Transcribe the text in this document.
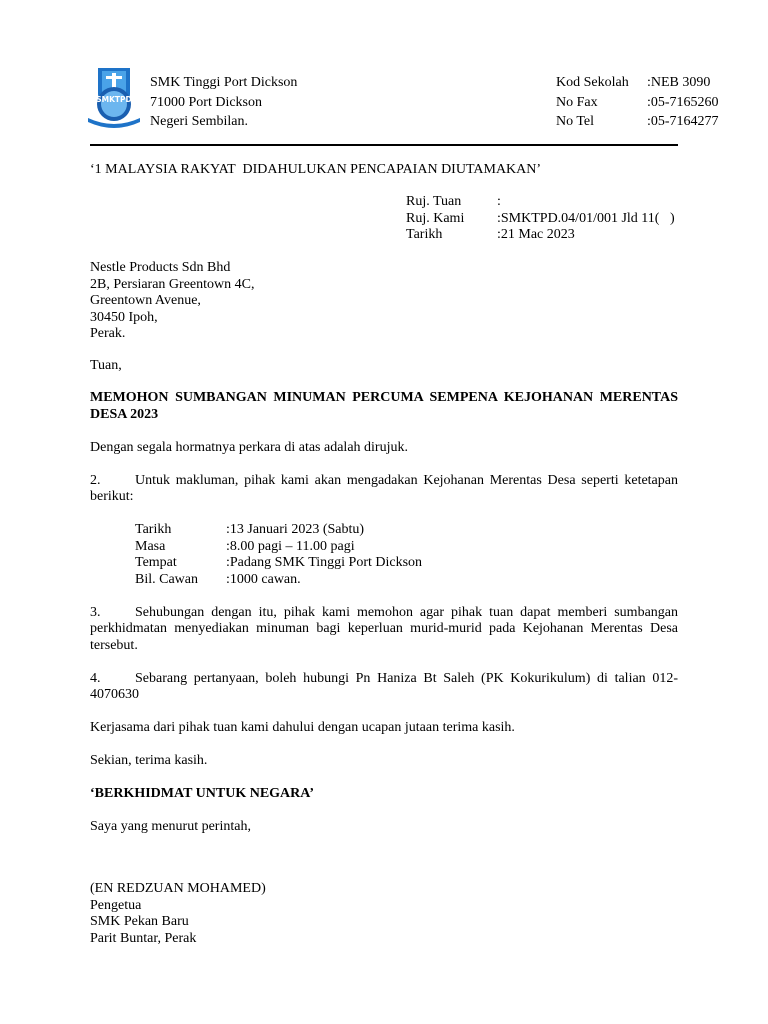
SMKTPD
SMK Tinggi Port Dickson
71000 Port Dickson
Negeri Sembilan.
Kod Sekolah	:NEB 3090
No Fax	:05-7165260
No Tel	:05-7164277
‘1 MALAYSIA RAKYAT  DIDAHULUKAN PENCAPAIAN DIUTAMAKAN’
Ruj. Tuan	:
Ruj. Kami	:SMKTPD.04/01/001 Jld 11(   )
Tarikh	:21 Mac 2023
Nestle Products Sdn Bhd
2B, Persiaran Greentown 4C,
Greentown Avenue,
30450 Ipoh,
Perak.
Tuan,
MEMOHON SUMBANGAN MINUMAN PERCUMA SEMPENA KEJOHANAN MERENTAS DESA 2023
Dengan segala hormatnya perkara di atas adalah dirujuk.
2. Untuk makluman, pihak kami akan mengadakan Kejohanan Merentas Desa seperti ketetapan berikut:
Tarikh	:13 Januari 2023 (Sabtu)
Masa	:8.00 pagi – 11.00 pagi
Tempat	:Padang SMK Tinggi Port Dickson
Bil. Cawan	:1000 cawan.
3. Sehubungan dengan itu, pihak kami memohon agar pihak tuan dapat memberi sumbangan perkhidmatan menyediakan minuman bagi keperluan murid-murid pada Kejohanan Merentas Desa tersebut.
4. Sebarang pertanyaan, boleh hubungi Pn Haniza Bt Saleh (PK Kokurikulum) di talian 012-4070630
Kerjasama dari pihak tuan kami dahului dengan ucapan jutaan terima kasih.
Sekian, terima kasih.
‘BERKHIDMAT UNTUK NEGARA’
Saya yang menurut perintah,
(EN REDZUAN MOHAMED)
Pengetua
SMK Pekan Baru
Parit Buntar, Perak
